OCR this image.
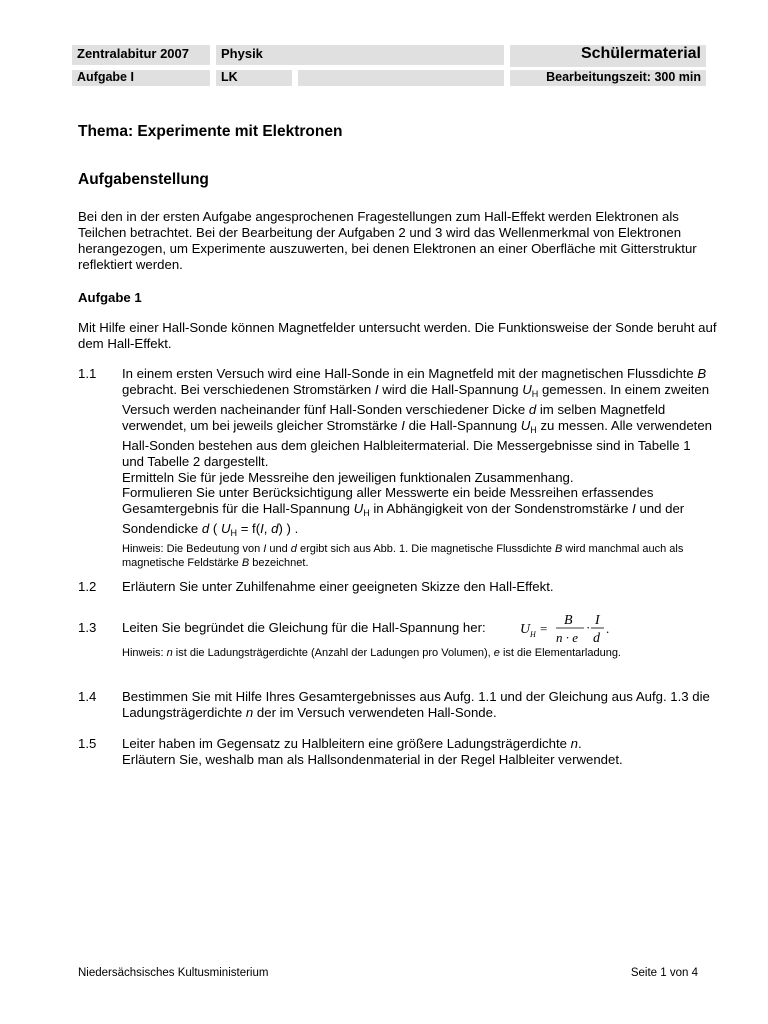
Zentralabitur 2007 Physik	Schülermaterial
Aufgabe I	LK	Bearbeitungszeit: 300 min
Thema: Experimente mit Elektronen
Aufgabenstellung
Bei den in der ersten Aufgabe angesprochenen Fragestellungen zum Hall-Effekt werden Elektronen als Teilchen betrachtet. Bei der Bearbeitung der Aufgaben 2 und 3 wird das Wellenmerkmal von Elektronen herangezogen, um Experimente auszuwerten, bei denen Elektronen an einer Oberfläche mit Gitterstruktur reflektiert werden.
Aufgabe 1
Mit Hilfe einer Hall-Sonde können Magnetfelder untersucht werden. Die Funktionsweise der Sonde beruht auf dem Hall-Effekt.
1.1 In einem ersten Versuch wird eine Hall-Sonde in ein Magnetfeld mit der magnetischen Flussdichte B gebracht. Bei verschiedenen Stromstärken I wird die Hall-Spannung $U_H$ gemessen. In einem zweiten Versuch werden nacheinander fünf Hall-Sonden verschiedener Dicke d im selben Magnetfeld verwendet, um bei jeweils gleicher Stromstärke I die Hall-Spannung $U_H$ zu messen. Alle verwendeten Hall-Sonden bestehen aus dem gleichen Halbleitermaterial. Die Messergebnisse sind in Tabelle 1 und Tabelle 2 dargestellt.
Ermitteln Sie für jede Messreihe den jeweiligen funktionalen Zusammenhang.
Formulieren Sie unter Berücksichtigung aller Messwerte ein beide Messreihen erfassendes Gesamtergebnis für die Hall-Spannung $U_H$ in Abhängigkeit von der Sondenstromstärke I und der Sondendicke d ( $U_H = f(I$, d) ) .
Hinweis: Die Bedeutung von I und d ergibt sich aus Abb. 1. Die magnetische Flussdichte B wird manchmal auch als magnetische Feldstärke B bezeichnet.
1.2 Erläutern Sie unter Zuhilfenahme einer geeigneten Skizze den Hall-Effekt.
1.3 Leiten Sie begründet die Gleichung für die Hall-Spannung her:
Hinweis: n ist die Ladungsträgerdichte (Anzahl der Ladungen pro Volumen), e ist die Elementarladung.
U H =
B
n · e
· I
d
.
1.4 Bestimmen Sie mit Hilfe Ihres Gesamtergebnisses aus Aufg. 1.1 und der Gleichung aus Aufg. 1.3 die Ladungsträgerdichte n der im Versuch verwendeten Hall-Sonde.
1.5 Leiter haben im Gegensatz zu Halbleitern eine größere Ladungsträgerdichte n.
Erläutern Sie, weshalb man als Hallsondenmaterial in der Regel Halbleiter verwendet.
Niedersächsisches Kultusministerium	Seite 1 von 4
